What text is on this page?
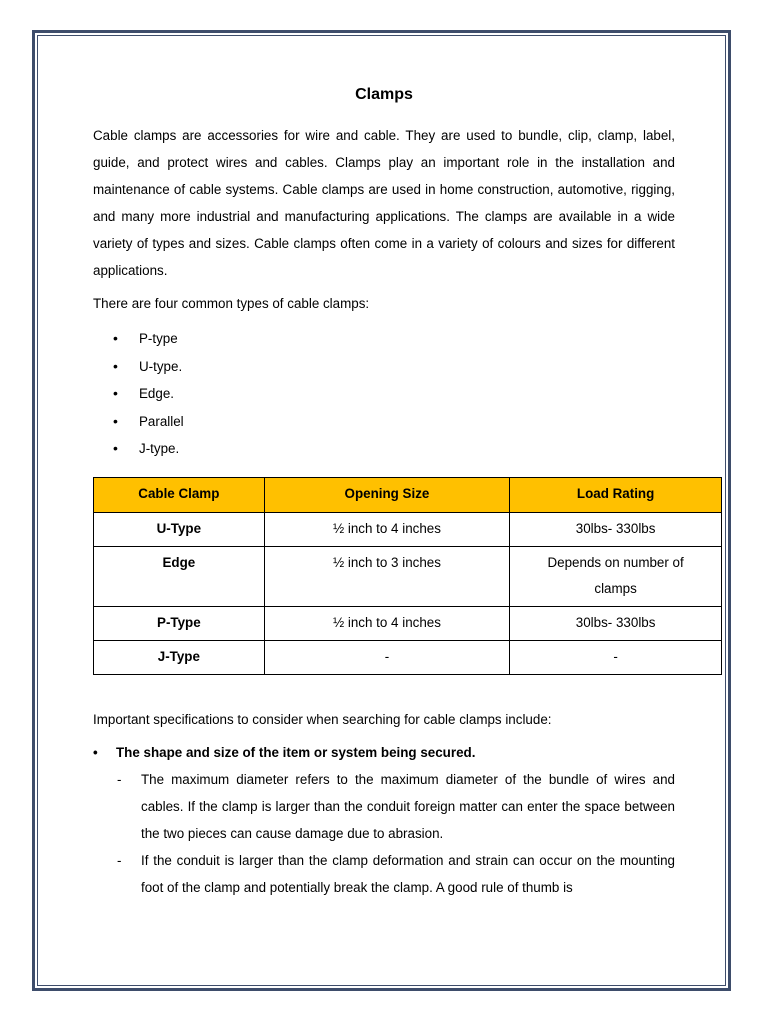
Clamps

Cable clamps are accessories for wire and cable. They are used to bundle, clip, clamp, label, guide, and protect wires and cables. Clamps play an important role in the installation and maintenance of cable systems. Cable clamps are used in home construction, automotive, rigging, and many more industrial and manufacturing applications. The clamps are available in a wide variety of types and sizes. Cable clamps often come in a variety of colours and sizes for different applications.

There are four common types of cable clamps:

• P-type
• U-type.
• Edge.
• Parallel
• J-type.
Cable Clamp	Opening Size	Load Rating
U-Type	½ inch to 4 inches	30lbs- 330lbs
Edge	½ inch to 3 inches	Depends on number of clamps
P-Type	½ inch to 4 inches	30lbs- 330lbs
J-Type	-	-

Important specifications to consider when searching for cable clamps include:

• The shape and size of the item or system being secured.

- The maximum diameter refers to the maximum diameter of the bundle of wires and cables. If the clamp is larger than the conduit foreign matter can enter the space between the two pieces can cause damage due to abrasion.

- If the conduit is larger than the clamp deformation and strain can occur on the mounting foot of the clamp and potentially break the clamp. A good rule of thumb is
